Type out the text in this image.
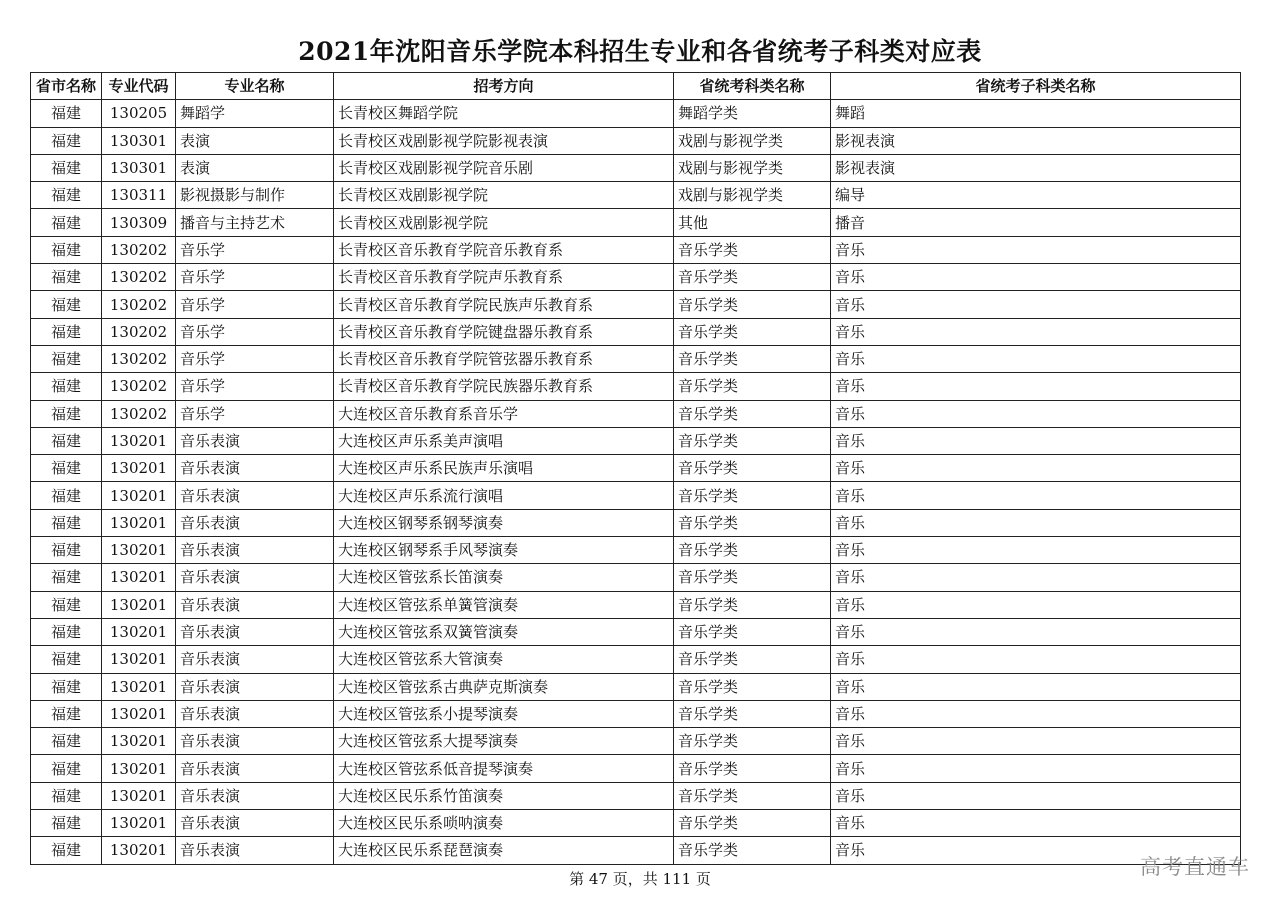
2021年沈阳音乐学院本科招生专业和各省统考子科类对应表
省市名称	专业代码	专业名称	招考方向	省统考科类名称	省统考子科类名称
福建	130205	舞蹈学	长青校区舞蹈学院	舞蹈学类	舞蹈
福建	130301	表演	长青校区戏剧影视学院影视表演	戏剧与影视学类	影视表演
福建	130301	表演	长青校区戏剧影视学院音乐剧	戏剧与影视学类	影视表演
福建	130311	影视摄影与制作	长青校区戏剧影视学院	戏剧与影视学类	编导
福建	130309	播音与主持艺术	长青校区戏剧影视学院	其他	播音
福建	130202	音乐学	长青校区音乐教育学院音乐教育系	音乐学类	音乐
福建	130202	音乐学	长青校区音乐教育学院声乐教育系	音乐学类	音乐
福建	130202	音乐学	长青校区音乐教育学院民族声乐教育系	音乐学类	音乐
福建	130202	音乐学	长青校区音乐教育学院键盘器乐教育系	音乐学类	音乐
福建	130202	音乐学	长青校区音乐教育学院管弦器乐教育系	音乐学类	音乐
福建	130202	音乐学	长青校区音乐教育学院民族器乐教育系	音乐学类	音乐
福建	130202	音乐学	大连校区音乐教育系音乐学	音乐学类	音乐
福建	130201	音乐表演	大连校区声乐系美声演唱	音乐学类	音乐
福建	130201	音乐表演	大连校区声乐系民族声乐演唱	音乐学类	音乐
福建	130201	音乐表演	大连校区声乐系流行演唱	音乐学类	音乐
福建	130201	音乐表演	大连校区钢琴系钢琴演奏	音乐学类	音乐
福建	130201	音乐表演	大连校区钢琴系手风琴演奏	音乐学类	音乐
福建	130201	音乐表演	大连校区管弦系长笛演奏	音乐学类	音乐
福建	130201	音乐表演	大连校区管弦系单簧管演奏	音乐学类	音乐
福建	130201	音乐表演	大连校区管弦系双簧管演奏	音乐学类	音乐
福建	130201	音乐表演	大连校区管弦系大管演奏	音乐学类	音乐
福建	130201	音乐表演	大连校区管弦系古典萨克斯演奏	音乐学类	音乐
福建	130201	音乐表演	大连校区管弦系小提琴演奏	音乐学类	音乐
福建	130201	音乐表演	大连校区管弦系大提琴演奏	音乐学类	音乐
福建	130201	音乐表演	大连校区管弦系低音提琴演奏	音乐学类	音乐
福建	130201	音乐表演	大连校区民乐系竹笛演奏	音乐学类	音乐
福建	130201	音乐表演	大连校区民乐系唢呐演奏	音乐学类	音乐
福建	130201	音乐表演	大连校区民乐系琵琶演奏	音乐学类	音乐
第 47 页，共 111 页	高考直通车
